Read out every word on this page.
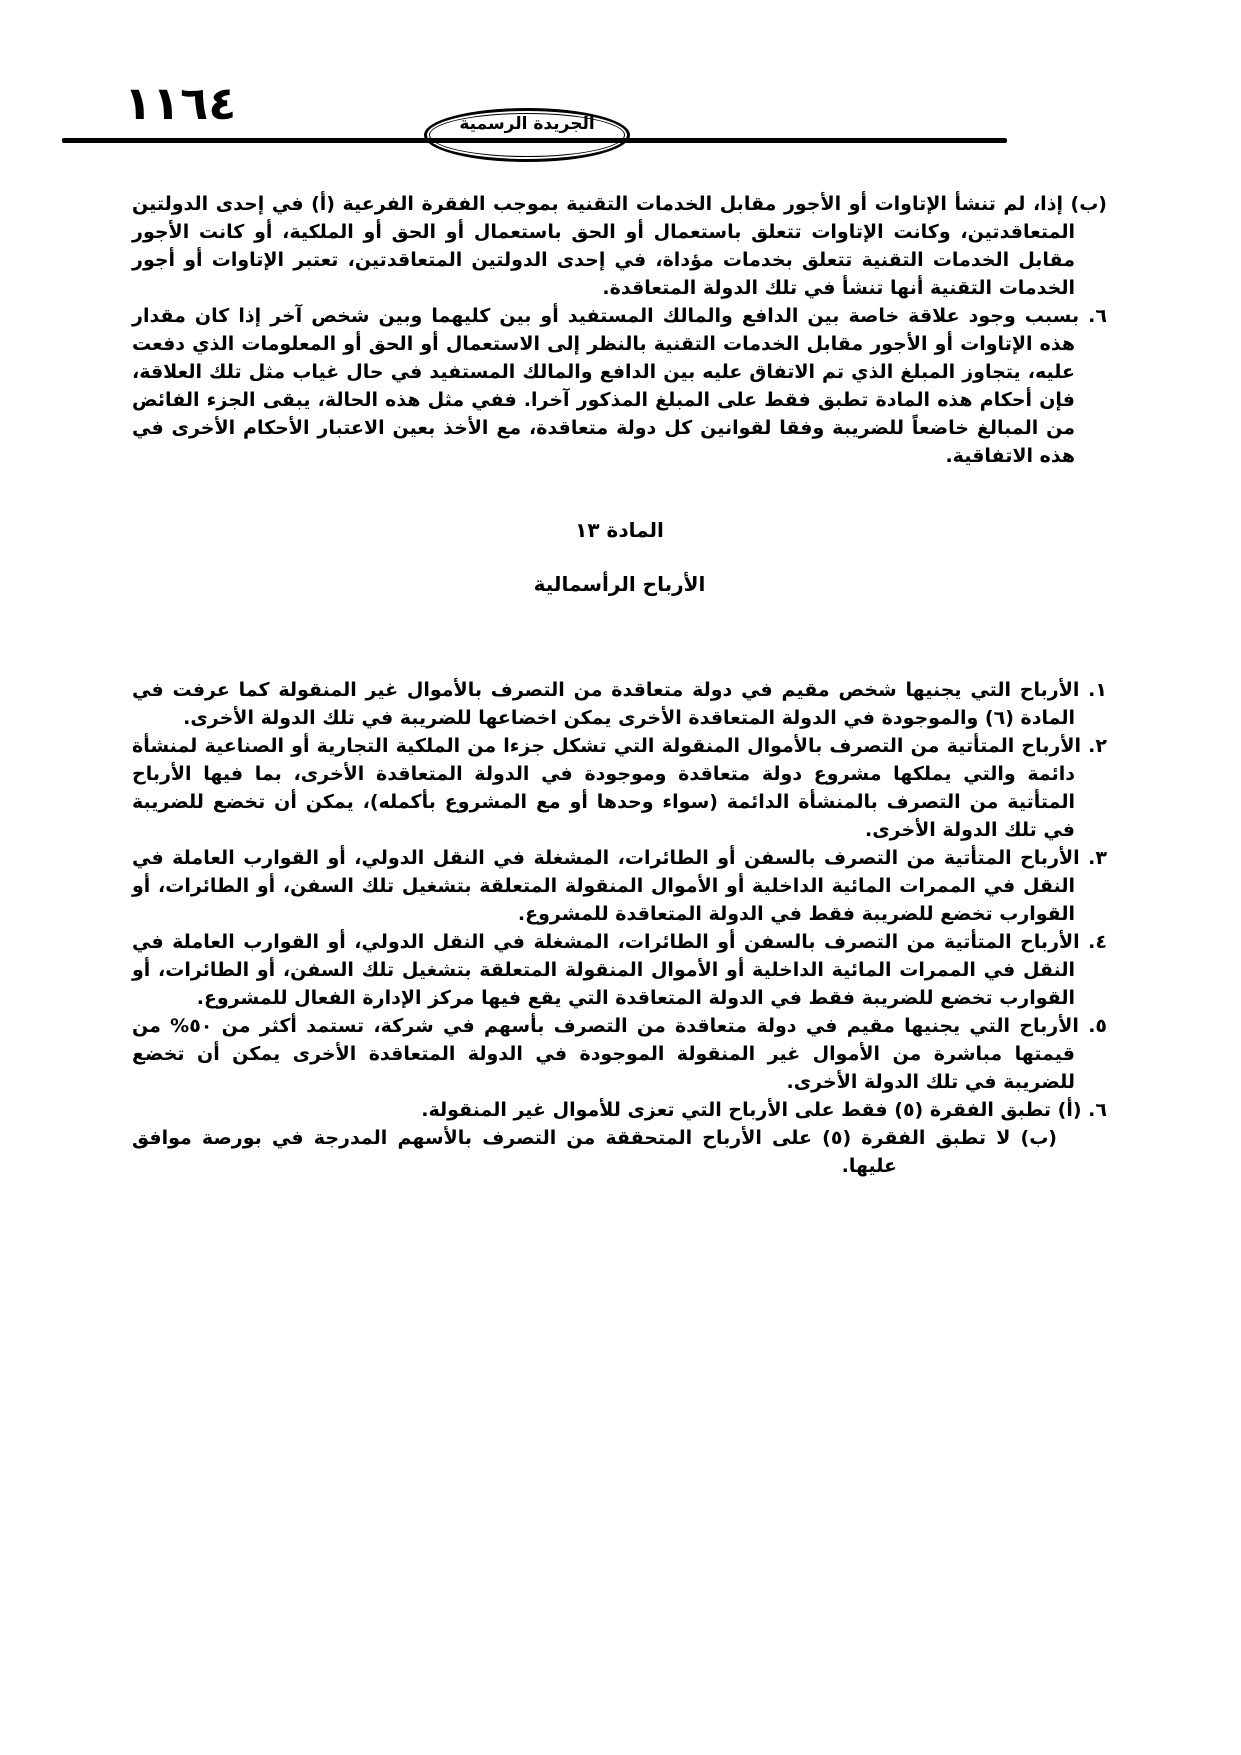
١١٦٤	الجريدة الرسمية

(ب) إذا، لم تنشأ الإتاوات أو الأجور مقابل الخدمات التقنية بموجب الفقرة الفرعية (أ) في إحدى الدولتين المتعاقدتين، وكانت الإتاوات تتعلق باستعمال أو الحق باستعمال أو الحق أو الملكية، أو كانت الأجور مقابل الخدمات التقنية تتعلق بخدمات مؤداة، في إحدى الدولتين المتعاقدتين، تعتبر الإتاوات أو أجور الخدمات التقنية أنها تنشأ في تلك الدولة المتعاقدة.

٦. بسبب وجود علاقة خاصة بين الدافع والمالك المستفيد أو بين كليهما وبين شخص آخر إذا كان مقدار هذه الإتاوات أو الأجور مقابل الخدمات التقنية بالنظر إلى الاستعمال أو الحق أو المعلومات الذي دفعت عليه، يتجاوز المبلغ الذي تم الاتفاق عليه بين الدافع والمالك المستفيد في حال غياب مثل تلك العلاقة، فإن أحكام هذه المادة تطبق فقط على المبلغ المذكور آخرا. ففي مثل هذه الحالة، يبقى الجزء الفائض من المبالغ خاضعاً للضريبة وفقا لقوانين كل دولة متعاقدة، مع الأخذ بعين الاعتبار الأحكام الأخرى في هذه الاتفاقية.

المادة ١٣

الأرباح الرأسمالية

١. الأرباح التي يجنيها شخص مقيم في دولة متعاقدة من التصرف بالأموال غير المنقولة كما عرفت في المادة (٦) والموجودة في الدولة المتعاقدة الأخرى يمكن اخضاعها للضريبة في تلك الدولة الأخرى.

٢. الأرباح المتأتية من التصرف بالأموال المنقولة التي تشكل جزءا من الملكية التجارية أو الصناعية لمنشأة دائمة والتي يملكها مشروع دولة متعاقدة وموجودة في الدولة المتعاقدة الأخرى، بما فيها الأرباح المتأتية من التصرف بالمنشأة الدائمة (سواء وحدها أو مع المشروع بأكمله)، يمكن أن تخضع للضريبة في تلك الدولة الأخرى.

٣. الأرباح المتأتية من التصرف بالسفن أو الطائرات، المشغلة في النقل الدولي، أو القوارب العاملة في النقل في الممرات المائية الداخلية أو الأموال المنقولة المتعلقة بتشغيل تلك السفن، أو الطائرات، أو القوارب تخضع للضريبة فقط في الدولة المتعاقدة للمشروع.

٤. الأرباح المتأتية من التصرف بالسفن أو الطائرات، المشغلة في النقل الدولي، أو القوارب العاملة في النقل في الممرات المائية الداخلية أو الأموال المنقولة المتعلقة بتشغيل تلك السفن، أو الطائرات، أو القوارب تخضع للضريبة فقط في الدولة المتعاقدة التي يقع فيها مركز الإدارة الفعال للمشروع.

٥. الأرباح التي يجنيها مقيم في دولة متعاقدة من التصرف بأسهم في شركة، تستمد أكثر من ٥٠% من قيمتها مباشرة من الأموال غير المنقولة الموجودة في الدولة المتعاقدة الأخرى يمكن أن تخضع للضريبة في تلك الدولة الأخرى.

٦. (أ) تطبق الفقرة (٥) فقط على الأرباح التي تعزى للأموال غير المنقولة.

(ب) لا تطبق الفقرة (٥) على الأرباح المتحققة من التصرف بالأسهم المدرجة في بورصة موافق عليها.
